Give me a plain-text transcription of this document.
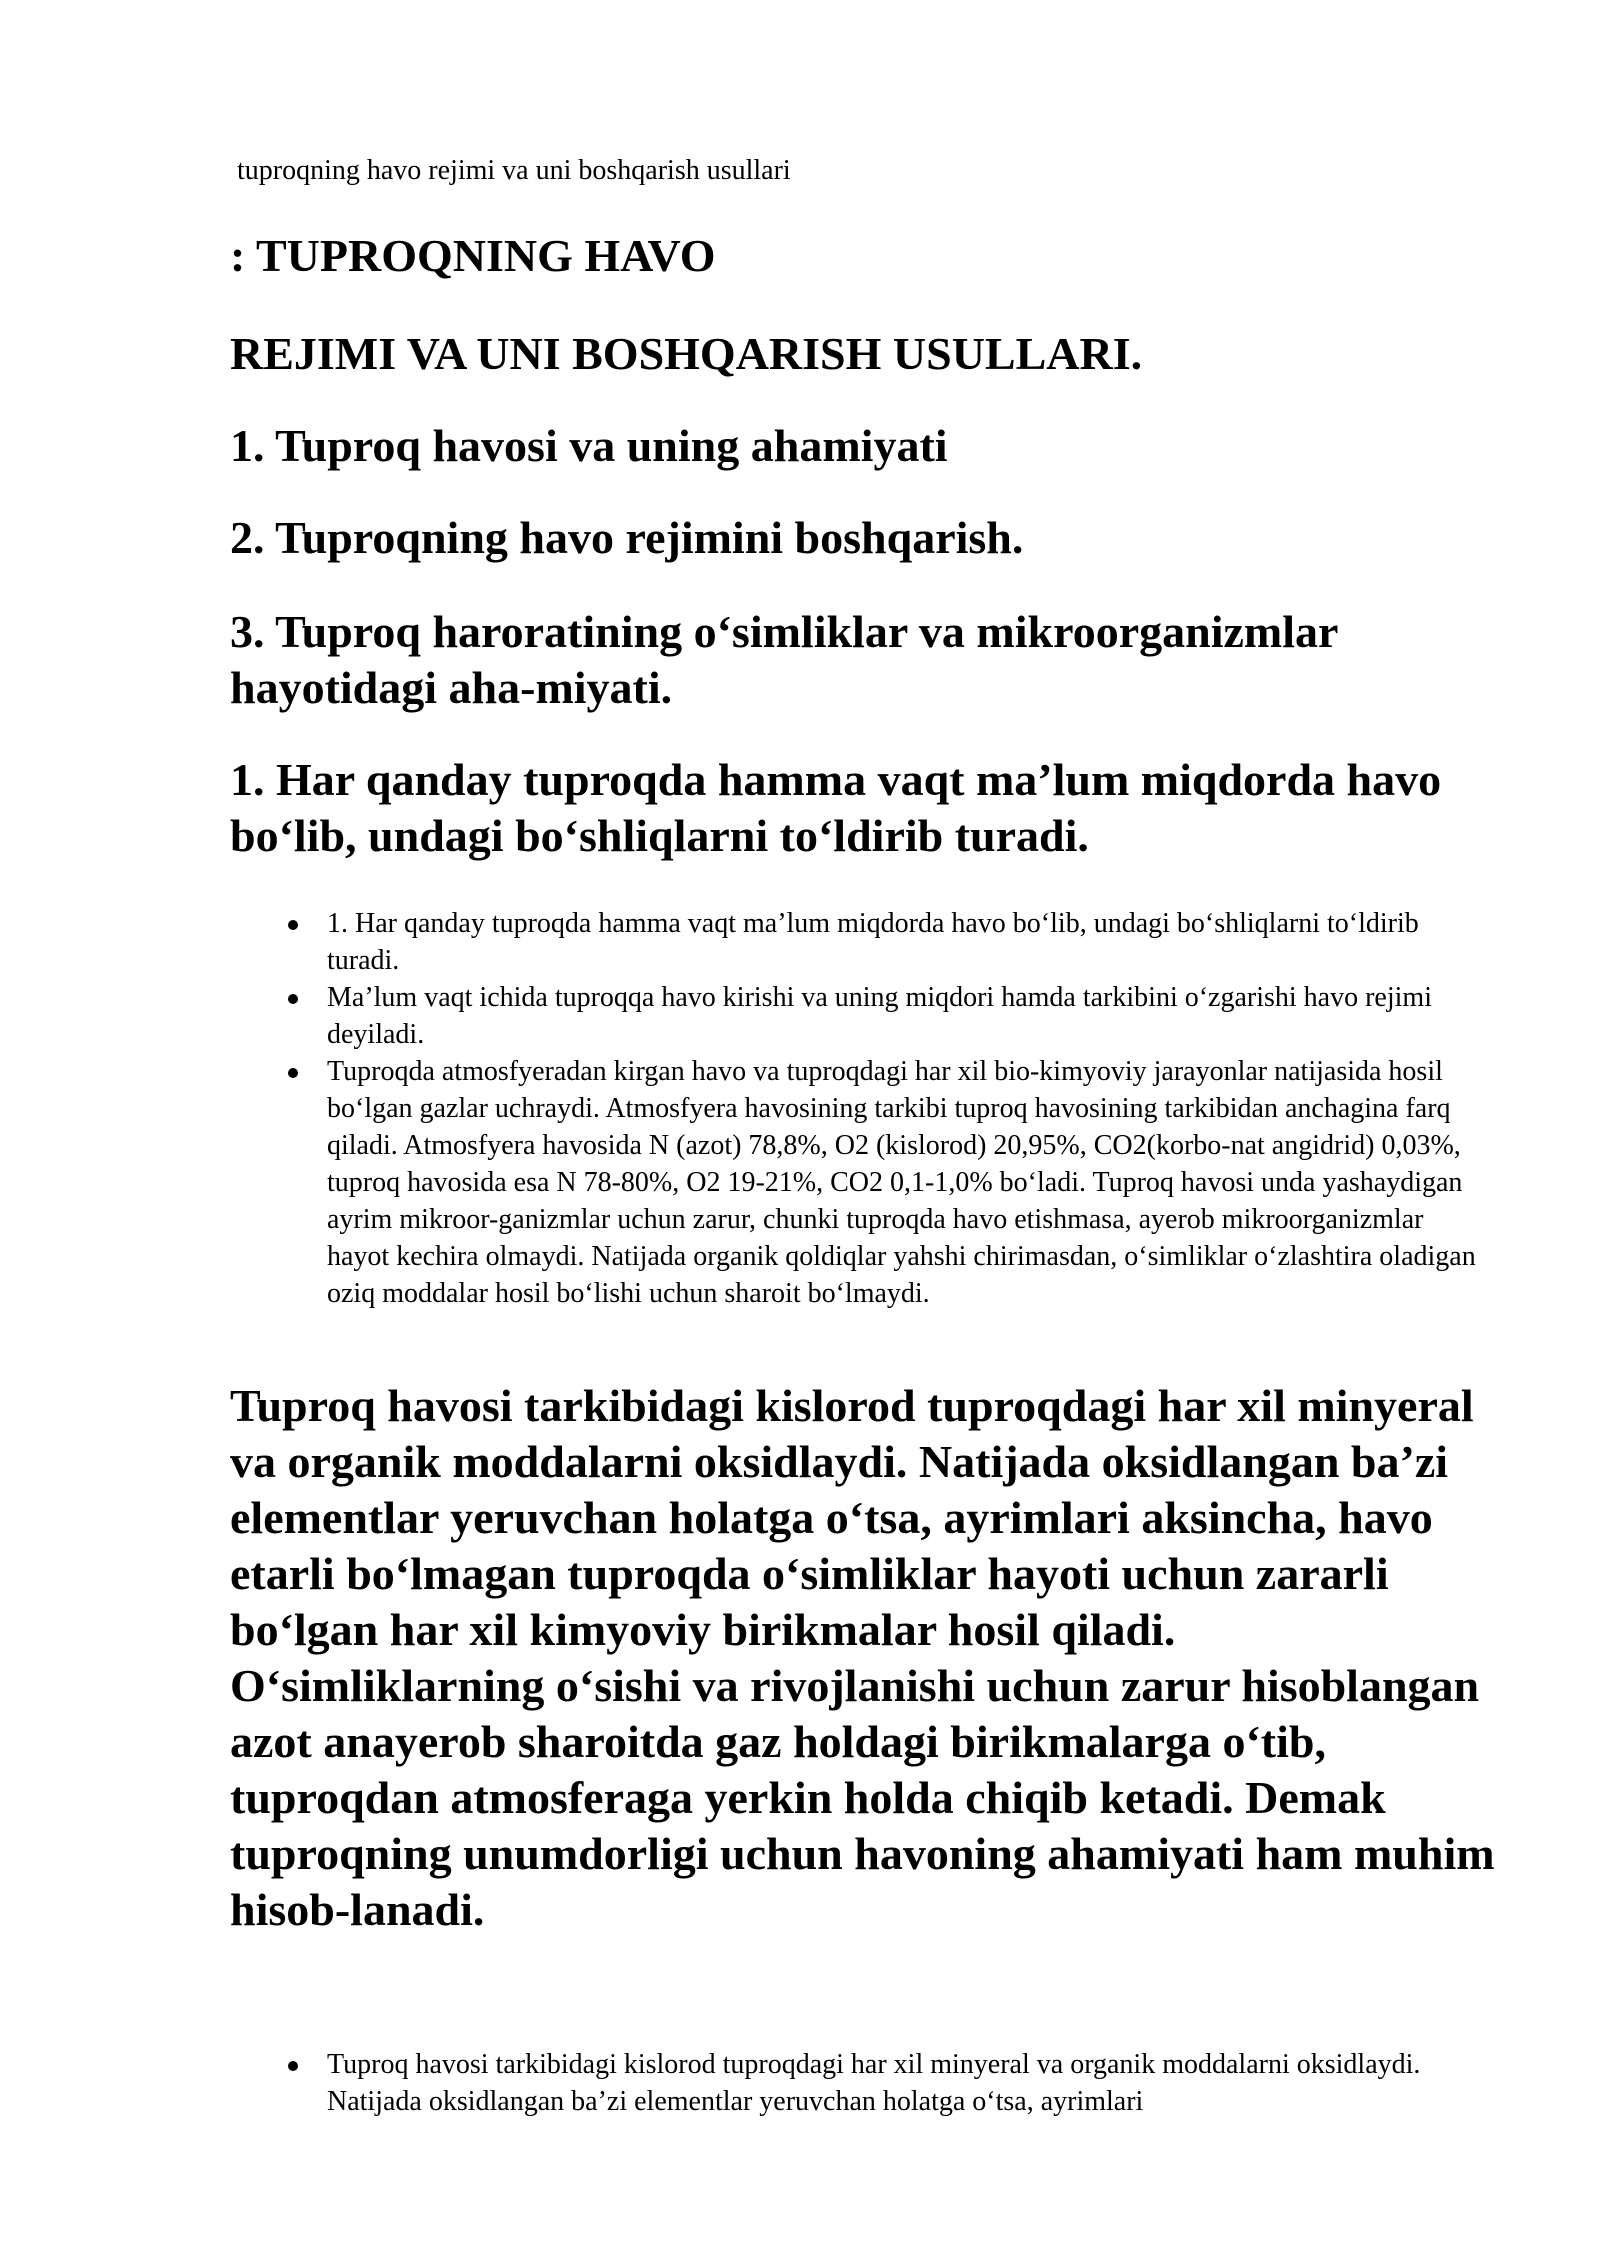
tuproqning havo rejimi va uni boshqarish usullari

: TUPROQNING HAVO
REJIMI VA UNI BOSHQARISH USULLARI.
1. Tuproq havosi va uning ahamiyati
2. Tuproqning havo rejimini boshqarish.
3. Tuproq haroratining o‘simliklar va mikroorganizmlar hayotidagi aha-miyati.
1. Har qanday tuproqda hamma vaqt ma’lum miqdorda havo bo‘lib, undagi bo‘shliqlarni to‘ldirib turadi.
1. Har qanday tuproqda hamma vaqt ma’lum miqdorda havo bo‘lib, undagi bo‘shliqlarni to‘ldirib turadi.
Ma’lum vaqt ichida tuproqqa havo kirishi va uning miqdori hamda tarkibini o‘zgarishi havo rejimi deyiladi.
Tuproqda atmosfyeradan kirgan havo va tuproqdagi har xil bio-kimyoviy jarayonlar natijasida hosil bo‘lgan gazlar uchraydi. Atmosfyera havosining tarkibi tuproq havosining tarkibidan anchagina farq qiladi. Atmosfyera havosida N (azot) 78,8%, O2 (kislorod) 20,95%, CO2(korbo-nat angidrid) 0,03%, tuproq havosida esa N 78-80%, O2 19-21%, CO2 0,1-1,0% bo‘ladi. Tuproq havosi unda yashaydigan ayrim mikroor-ganizmlar uchun zarur, chunki tuproqda havo etishmasa, ayerob mikroorganizmlar hayot kechira olmaydi. Natijada organik qoldiqlar yahshi chirimasdan, o‘simliklar o‘zlashtira oladigan oziq moddalar hosil bo‘lishi uchun sharoit bo‘lmaydi.

Tuproq havosi tarkibidagi kislorod tuproqdagi har xil minyeral va organik moddalarni oksidlaydi. Natijada oksidlangan ba’zi elementlar yeruvchan holatga o‘tsa, ayrimlari aksincha, havo etarli bo‘lmagan tuproqda o‘simliklar hayoti uchun zararli bo‘lgan har xil kimyoviy birikmalar hosil qiladi. O‘simliklarning o‘sishi va rivojlanishi uchun zarur hisoblangan azot anayerob sharoitda gaz holdagi birikmalarga o‘tib, tuproqdan atmosferaga yerkin holda chiqib ketadi. Demak tuproqning unumdorligi uchun havoning ahamiyati ham muhim hisob-lanadi.

Tuproq havosi tarkibidagi kislorod tuproqdagi har xil minyeral va organik moddalarni oksidlaydi. Natijada oksidlangan ba’zi elementlar yeruvchan holatga o‘tsa, ayrimlari
